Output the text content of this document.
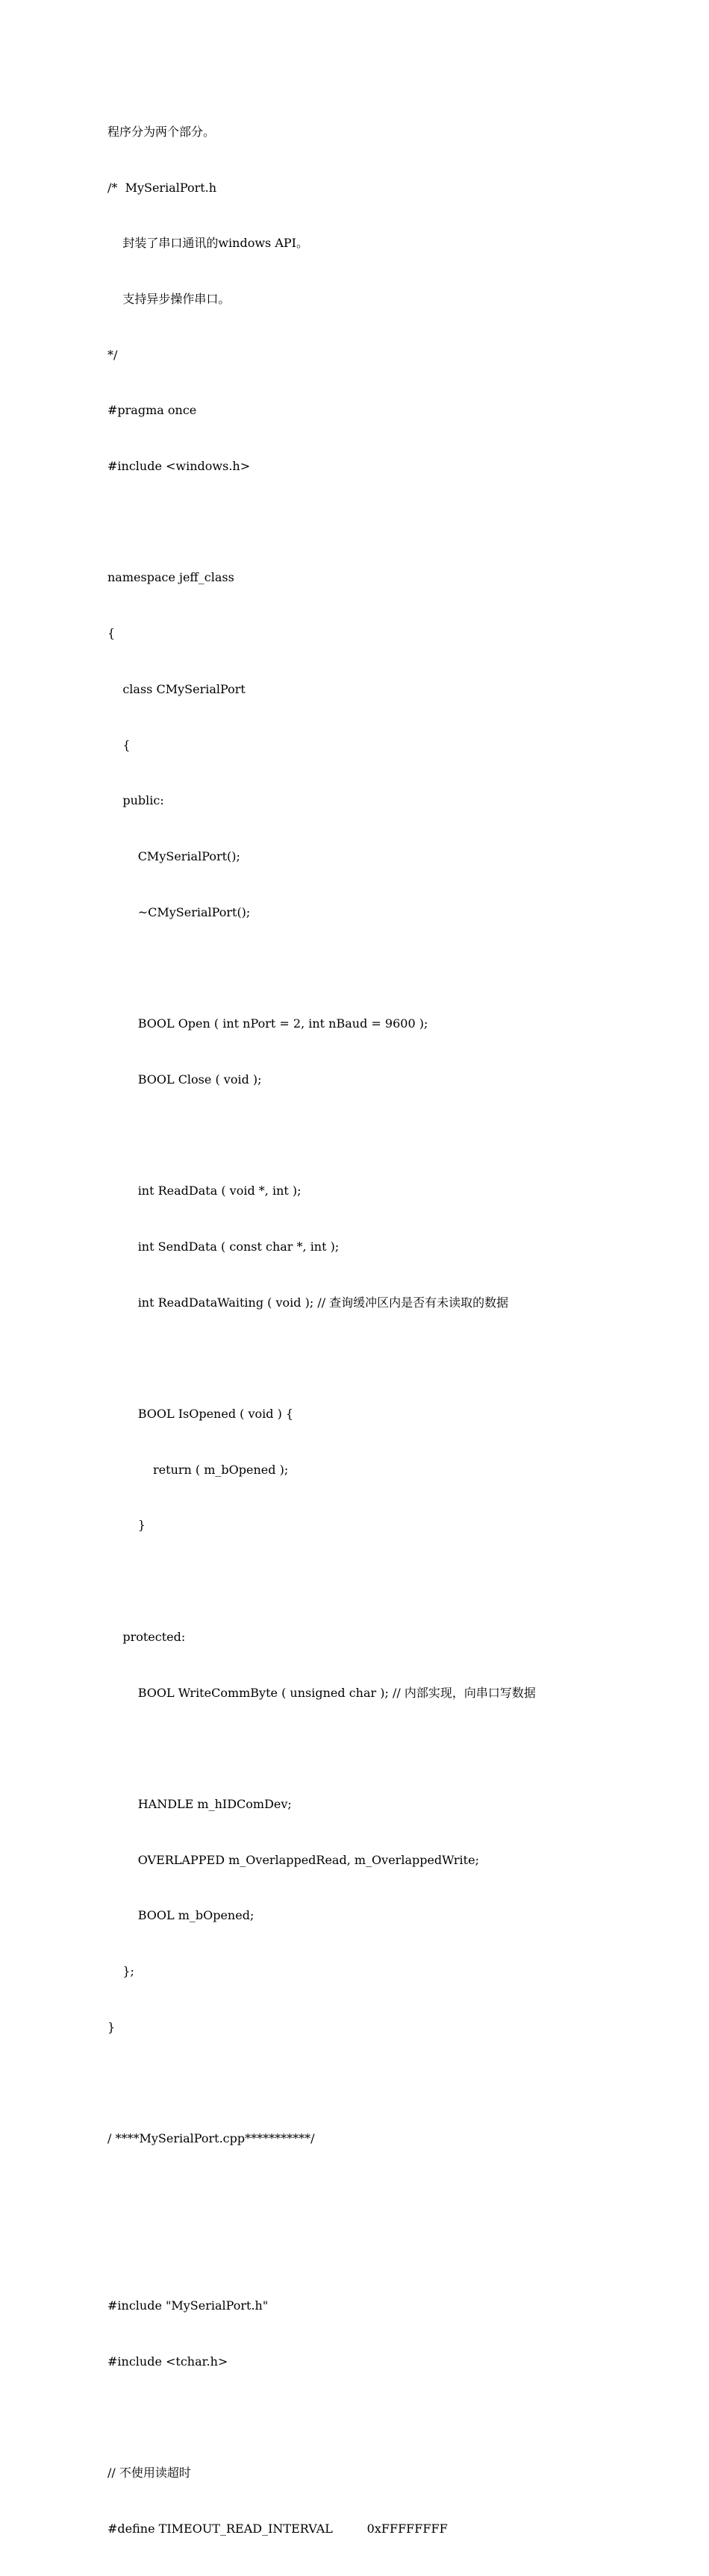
程序分为两个部分。

/*  MySerialPort.h

封装了串口通讯的windows API。

支持异步操作串口。

*/

#pragma once

#include <windows.h>

namespace jeff_class

{

class CMySerialPort

{

public:

CMySerialPort();

~CMySerialPort();

BOOL Open ( int nPort = 2, int nBaud = 9600 );

BOOL Close ( void );

int ReadData ( void *, int );

int SendData ( const char *, int );

int ReadDataWaiting ( void ); // 查询缓冲区内是否有未读取的数据

BOOL IsOpened ( void ) {

return ( m_bOpened );

}

protected:

BOOL WriteCommByte ( unsigned char ); // 内部实现，向串口写数据

HANDLE m_hIDComDev;

OVERLAPPED m_OverlappedRead, m_OverlappedWrite;

BOOL m_bOpened;

};

}

/ ****MySerialPort.cpp***********/

#include "MySerialPort.h"

#include <tchar.h>

// 不使用读超时

#define TIMEOUT_READ_INTERVAL         0xFFFFFFFF
